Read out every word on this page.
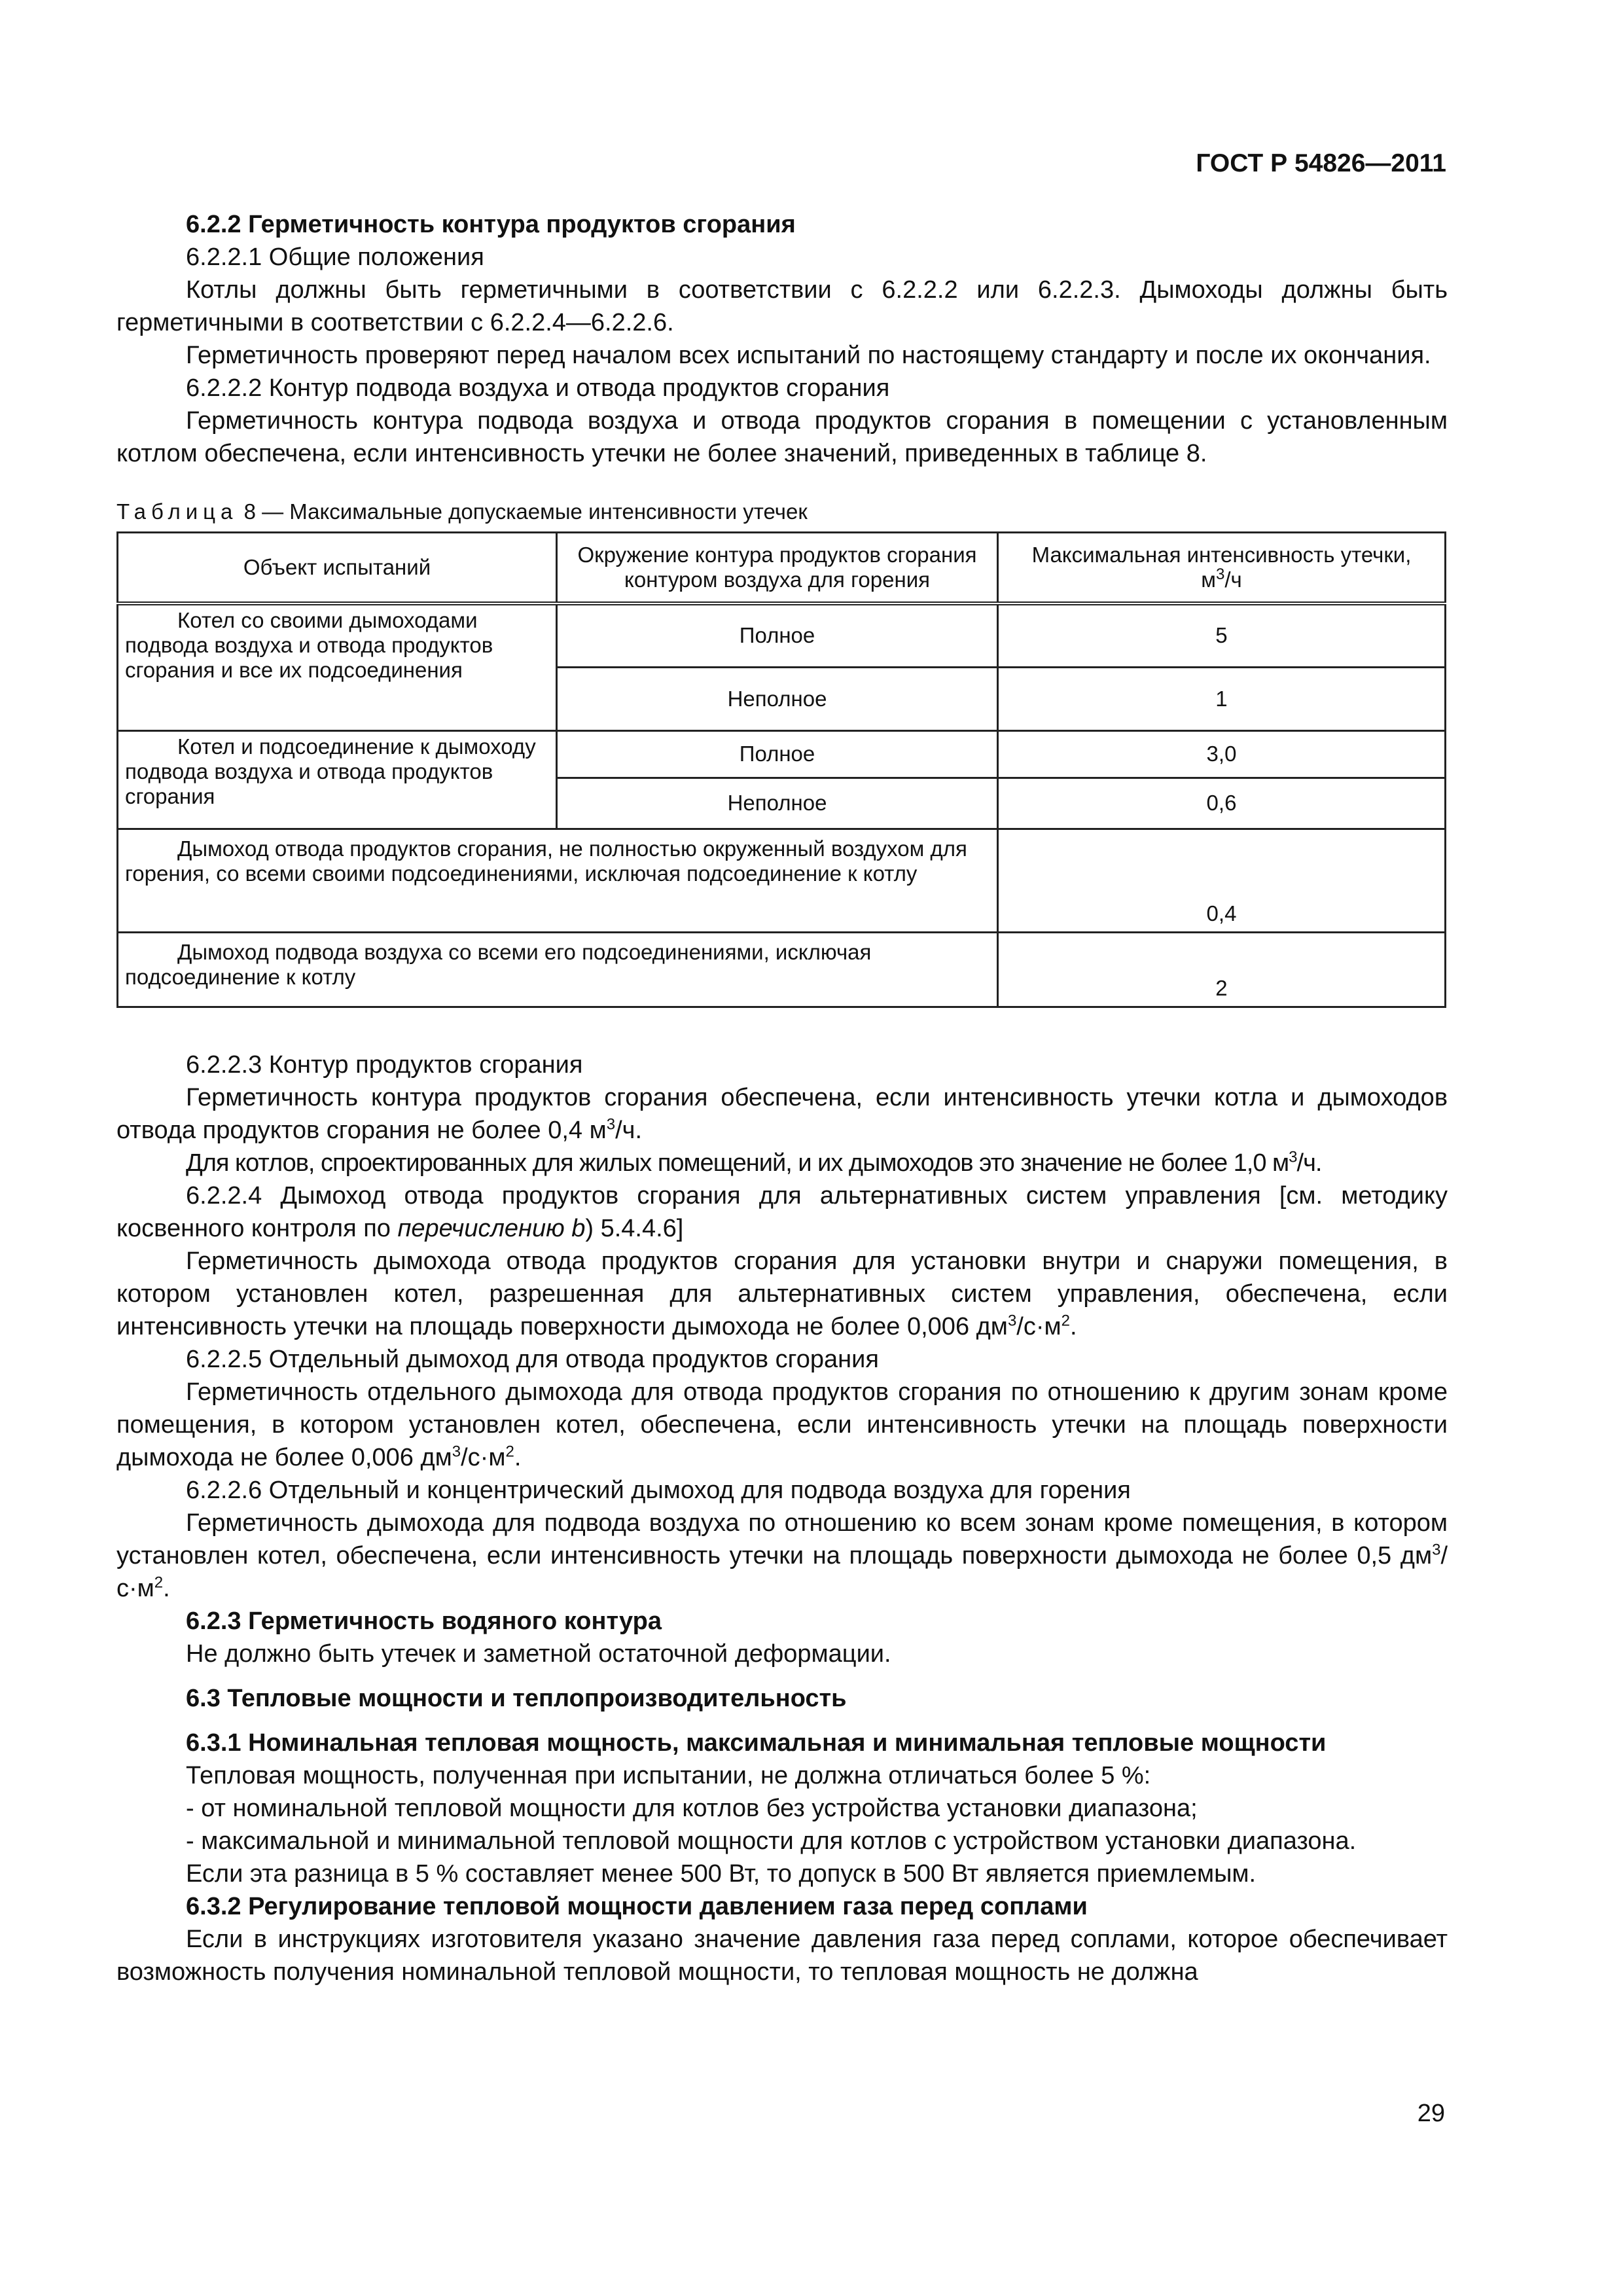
ГОСТ Р 54826—2011

6.2.2 Герметичность контура продуктов сгорания

6.2.2.1 Общие положения

Котлы должны быть герметичными в соответствии с 6.2.2.2 или 6.2.2.3. Дымоходы должны быть герметичными в соответствии с 6.2.2.4—6.2.2.6.

Герметичность проверяют перед началом всех испытаний по настоящему стандарту и после их окончания.

6.2.2.2 Контур подвода воздуха и отвода продуктов сгорания

Герметичность контура подвода воздуха и отвода продуктов сгорания в помещении с установленным котлом обеспечена, если интенсивность утечки не более значений, приведенных в таблице 8.

Таблица 8 — Максимальные допускаемые интенсивности утечек

Объект испытаний	Окружение контура продуктов сгорания контуром воздуха для горения	Максимальная интенсивность утечки,
$м^3/ч$
Котел со своими дымоходами подвода воздуха и отвода продуктов сгорания и все их подсоединения	Полное	5
	Неполное	1
Котел и подсоединение к дымоходу подвода воздуха и отвода продуктов сгорания	Полное	3,0
	Неполное	0,6
Дымоход отвода продуктов сгорания, не полностью окруженный воздухом для горения, со всеми своими подсоединениями, исключая подсоединение к котлу		0,4
Дымоход подвода воздуха со всеми его подсоединениями, исключая подсоединение к котлу		2

6.2.2.3 Контур продуктов сгорания

Герметичность контура продуктов сгорания обеспечена, если интенсивность утечки котла и дымоходов отвода продуктов сгорания не более 0,4 $м^3/ч$.

Для котлов, спроектированных для жилых помещений, и их дымоходов это значение не более 1,0 $м^3/ч$.

6.2.2.4 Дымоход отвода продуктов сгорания для альтернативных систем управления [см. методику косвенного контроля по перечислению b) 5.4.4.6]

Герметичность дымохода отвода продуктов сгорания для установки внутри и снаружи помещения, в котором установлен котел, разрешенная для альтернативных систем управления, обеспечена, если интенсивность утечки на площадь поверхности дымохода не более 0,006 $дм^3/с\cdot м^2$.

6.2.2.5 Отдельный дымоход для отвода продуктов сгорания

Герметичность отдельного дымохода для отвода продуктов сгорания по отношению к другим зонам кроме помещения, в котором установлен котел, обеспечена, если интенсивность утечки на площадь поверхности дымохода не более 0,006 $дм^3/с\cdot м^2$.

6.2.2.6 Отдельный и концентрический дымоход для подвода воздуха для горения

Герметичность дымохода для подвода воздуха по отношению ко всем зонам кроме помещения, в котором установлен котел, обеспечена, если интенсивность утечки на площадь поверхности дымохода не более 0,5 $дм^3/с\cdot м^2$.

6.2.3 Герметичность водяного контура

Не должно быть утечек и заметной остаточной деформации.

6.3 Тепловые мощности и теплопроизводительность

6.3.1 Номинальная тепловая мощность, максимальная и минимальная тепловые мощности

Тепловая мощность, полученная при испытании, не должна отличаться более 5 %:

- от номинальной тепловой мощности для котлов без устройства установки диапазона;

- максимальной и минимальной тепловой мощности для котлов с устройством установки диапазона.

Если эта разница в 5 % составляет менее 500 Вт, то допуск в 500 Вт является приемлемым.

6.3.2 Регулирование тепловой мощности давлением газа перед соплами

Если в инструкциях изготовителя указано значение давления газа перед соплами, которое обеспечивает возможность получения номинальной тепловой мощности, то тепловая мощность не должна

29
